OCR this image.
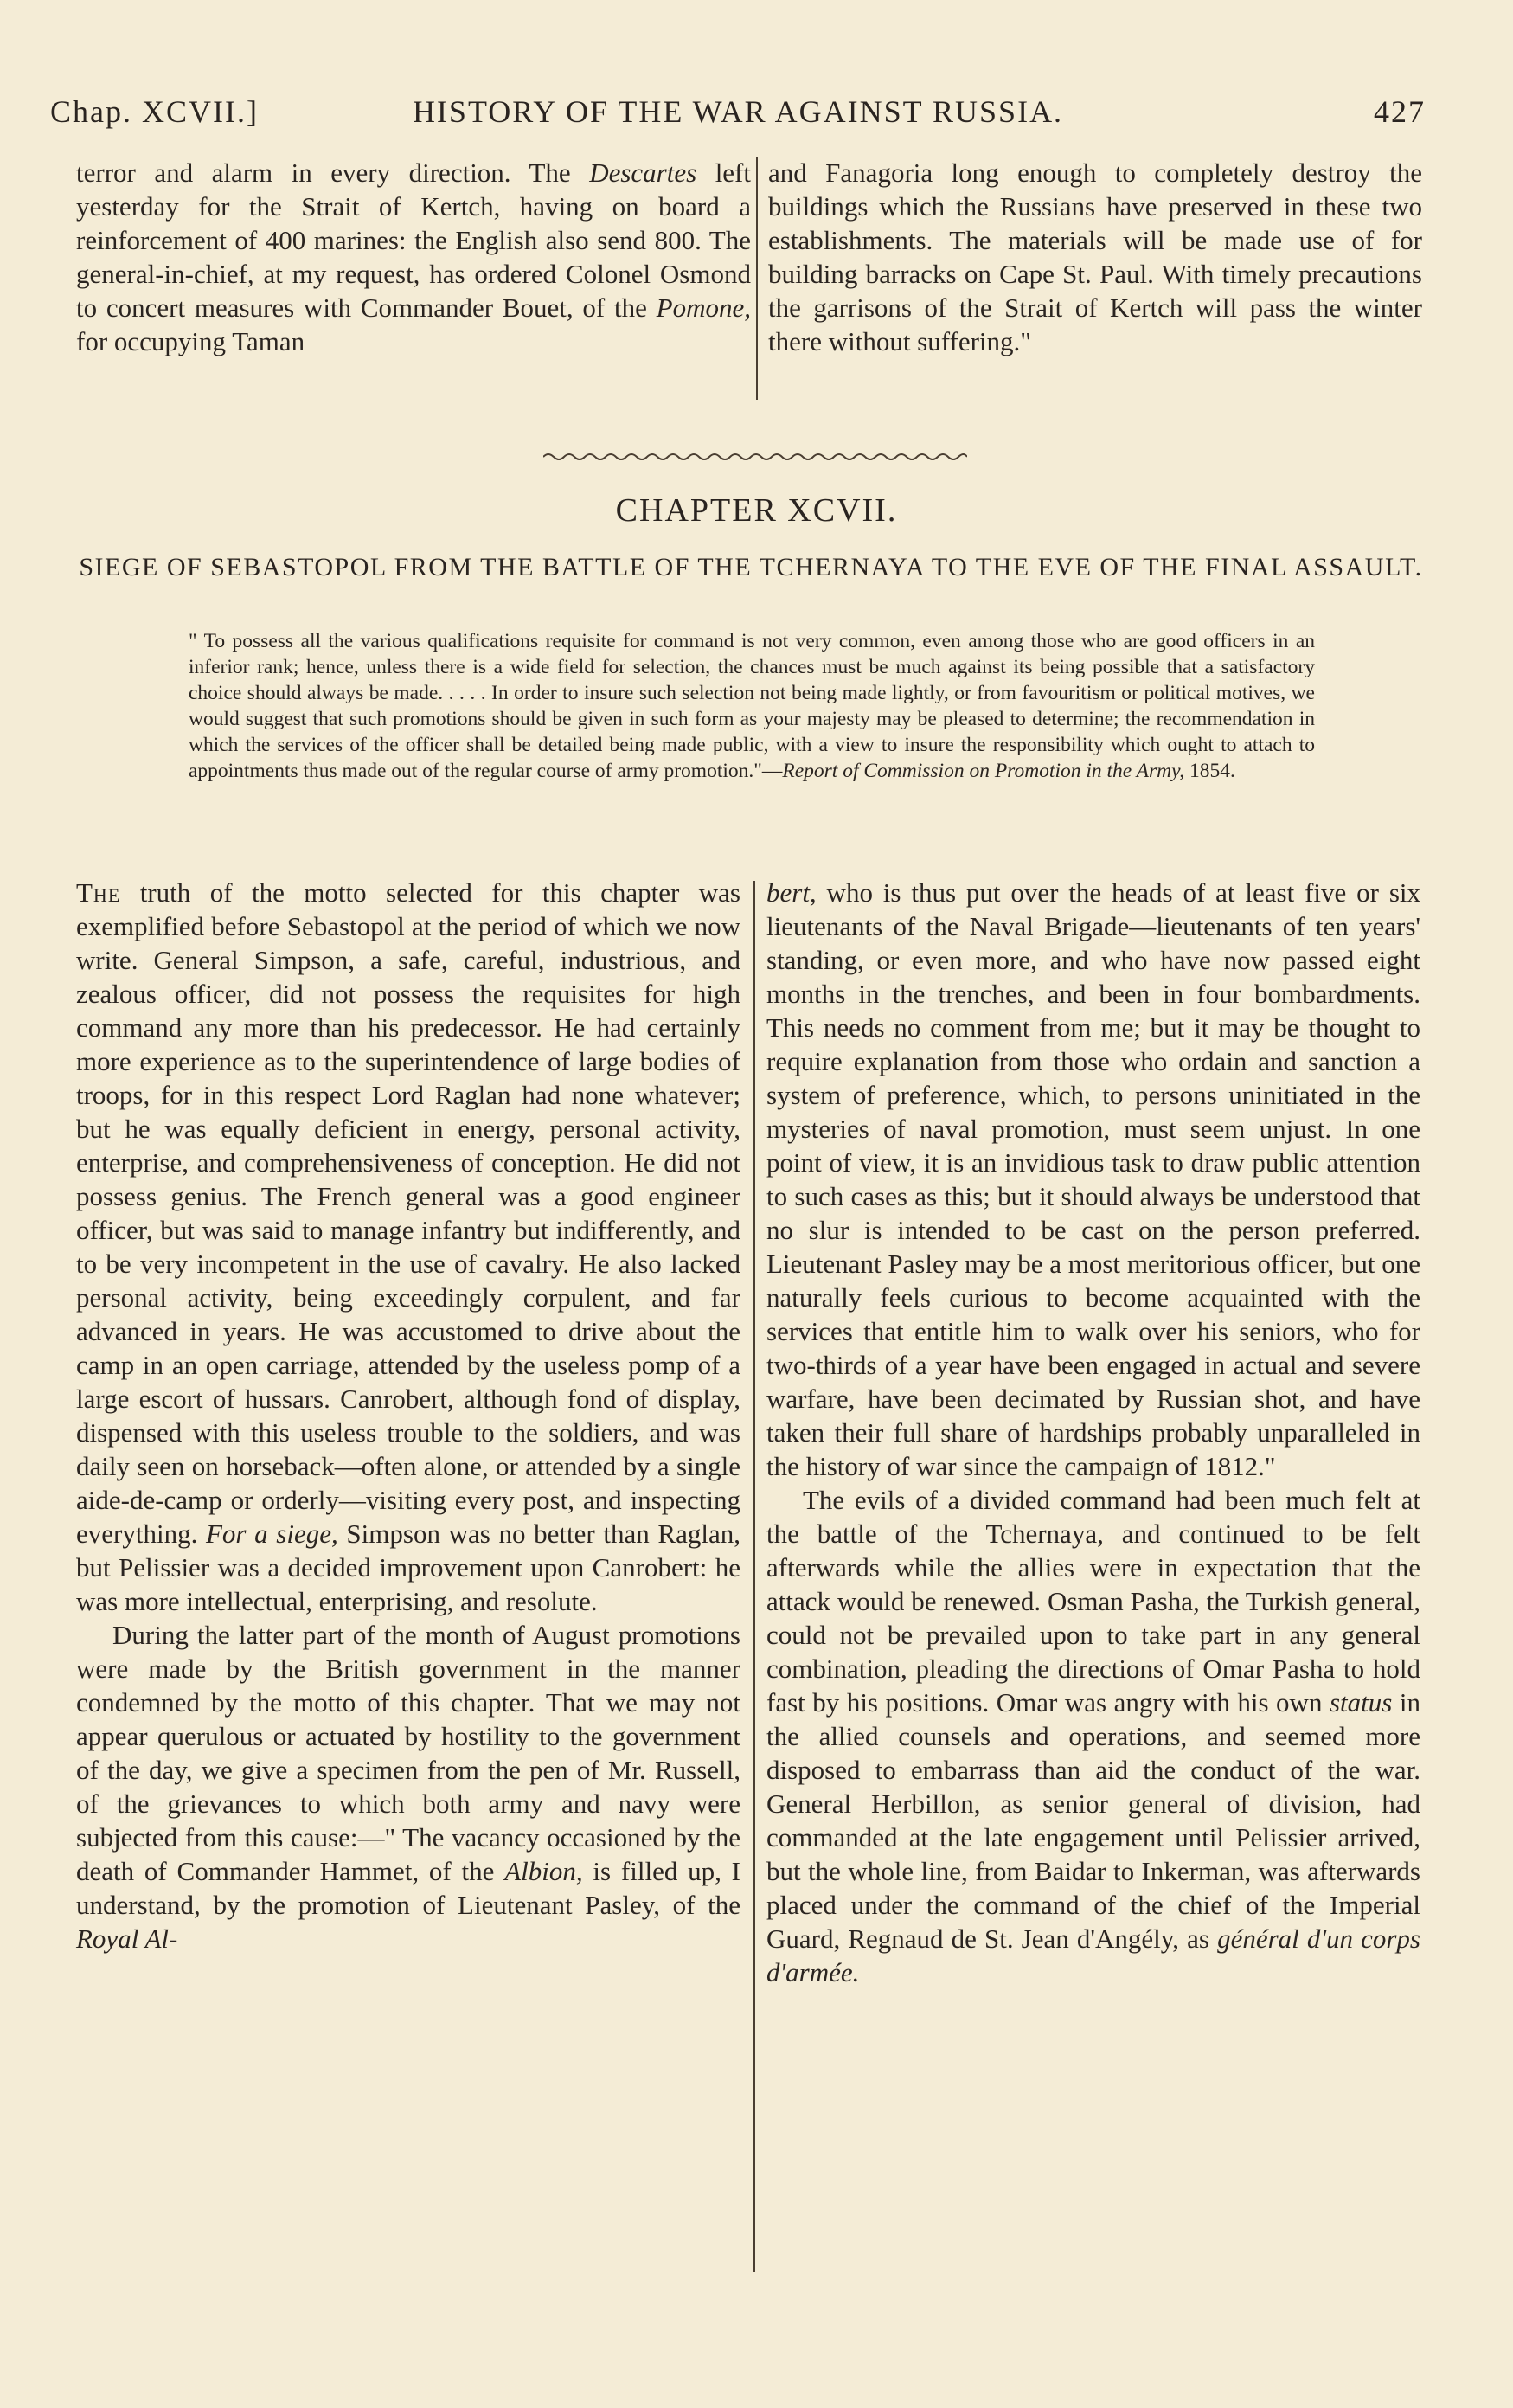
Chap. XCVII.]	HISTORY OF THE WAR AGAINST RUSSIA.	427

terror and alarm in every direction. The Descartes left yesterday for the Strait of Kertch, having on board a reinforcement of 400 marines: the English also send 800. The general-in-chief, at my request, has ordered Colonel Osmond to concert measures with Commander Bouet, of the Pomone, for occupying Taman

and Fanagoria long enough to completely destroy the buildings which the Russians have preserved in these two establishments. The materials will be made use of for building barracks on Cape St. Paul. With timely precautions the garrisons of the Strait of Kertch will pass the winter there without suffering."

CHAPTER XCVII.
SIEGE OF SEBASTOPOL FROM THE BATTLE OF THE TCHERNAYA TO THE EVE OF THE FINAL ASSAULT.
" To possess all the various qualifications requisite for command is not very common, even among those who are good officers in an inferior rank; hence, unless there is a wide field for selection, the chances must be much against its being possible that a satisfactory choice should always be made. . . . . In order to insure such selection not being made lightly, or from favouritism or political motives, we would suggest that such promotions should be given in such form as your majesty may be pleased to determine; the recommendation in which the services of the officer shall be detailed being made public, with a view to insure the responsibility which ought to attach to appointments thus made out of the regular course of army promotion."—Report of Commission on Promotion in the Army, 1854.

The truth of the motto selected for this chapter was exemplified before Sebastopol at the period of which we now write. General Simpson, a safe, careful, industrious, and zealous officer, did not possess the requisites for high command any more than his predecessor. He had certainly more experience as to the superintendence of large bodies of troops, for in this respect Lord Raglan had none whatever; but he was equally deficient in energy, personal activity, enterprise, and comprehensiveness of conception. He did not possess genius. The French general was a good engineer officer, but was said to manage infantry but indifferently, and to be very incompetent in the use of cavalry. He also lacked personal activity, being exceedingly corpulent, and far advanced in years. He was accustomed to drive about the camp in an open carriage, attended by the useless pomp of a large escort of hussars. Canrobert, although fond of display, dispensed with this useless trouble to the soldiers, and was daily seen on horseback—often alone, or attended by a single aide-de-camp or orderly—visiting every post, and inspecting everything. For a siege, Simpson was no better than Raglan, but Pelissier was a decided improvement upon Canrobert: he was more intellectual, enterprising, and resolute.

During the latter part of the month of August promotions were made by the British government in the manner condemned by the motto of this chapter. That we may not appear querulous or actuated by hostility to the government of the day, we give a specimen from the pen of Mr. Russell, of the grievances to which both army and navy were subjected from this cause:—" The vacancy occasioned by the death of Commander Hammet, of the Albion, is filled up, I understand, by the promotion of Lieutenant Pasley, of the Royal Al-

bert, who is thus put over the heads of at least five or six lieutenants of the Naval Brigade—lieutenants of ten years' standing, or even more, and who have now passed eight months in the trenches, and been in four bombardments. This needs no comment from me; but it may be thought to require explanation from those who ordain and sanction a system of preference, which, to persons uninitiated in the mysteries of naval promotion, must seem unjust. In one point of view, it is an invidious task to draw public attention to such cases as this; but it should always be understood that no slur is intended to be cast on the person preferred. Lieutenant Pasley may be a most meritorious officer, but one naturally feels curious to become acquainted with the services that entitle him to walk over his seniors, who for two-thirds of a year have been engaged in actual and severe warfare, have been decimated by Russian shot, and have taken their full share of hardships probably unparalleled in the history of war since the campaign of 1812."

The evils of a divided command had been much felt at the battle of the Tchernaya, and continued to be felt afterwards while the allies were in expectation that the attack would be renewed. Osman Pasha, the Turkish general, could not be prevailed upon to take part in any general combination, pleading the directions of Omar Pasha to hold fast by his positions. Omar was angry with his own status in the allied counsels and operations, and seemed more disposed to embarrass than aid the conduct of the war. General Herbillon, as senior general of division, had commanded at the late engagement until Pelissier arrived, but the whole line, from Baidar to Inkerman, was afterwards placed under the command of the chief of the Imperial Guard, Regnaud de St. Jean d'Angély, as général d'un corps d'armée.
